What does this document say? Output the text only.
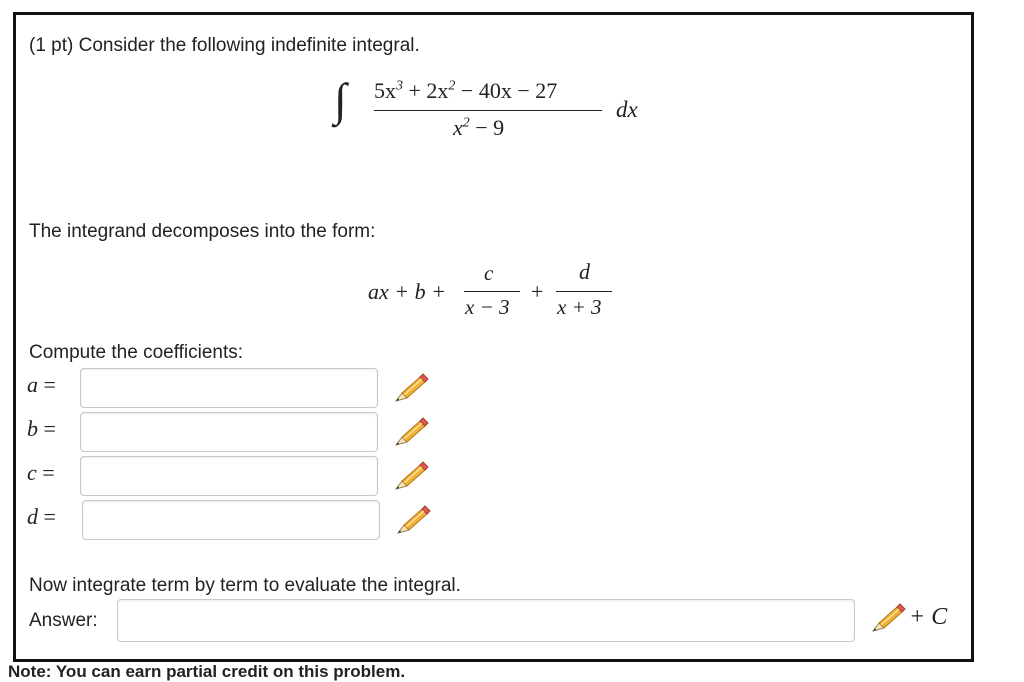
(1 pt) Consider the following indefinite integral.
∫ $5x^3 + 2x^2 - 40x - 27$
$x^2 - 9$
dx
The integrand decomposes into the form:
ax + b +
c
x − 3
+
d
x + 3
Compute the coefficients:
a =
b =
c =
d =
Now integrate term by term to evaluate the integral.
Answer:	+ C
Note: You can earn partial credit on this problem.
